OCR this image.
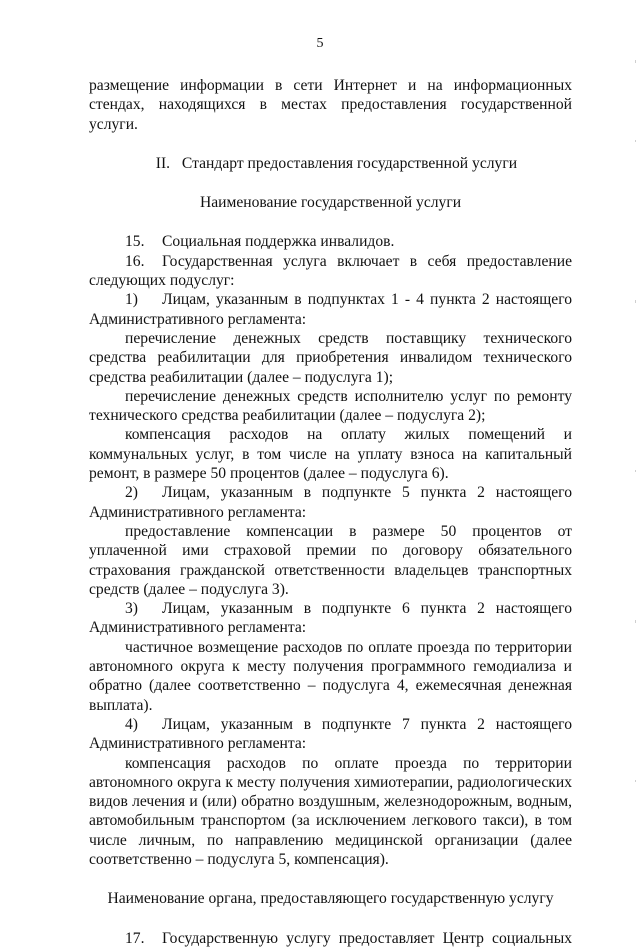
5

размещение информации в сети Интернет и на информационных стендах, находящихся в местах предоставления государственной услуги.

II. Стандарт предоставления государственной услуги

Наименование государственной услуги

15. Социальная поддержка инвалидов.

16. Государственная услуга включает в себя предоставление следующих подуслуг:

1) Лицам, указанным в подпунктах 1 - 4 пункта 2 настоящего Административного регламента:

перечисление денежных средств поставщику технического средства реабилитации для приобретения инвалидом технического средства реабилитации (далее – подуслуга 1);

перечисление денежных средств исполнителю услуг по ремонту технического средства реабилитации (далее – подуслуга 2);

компенсация расходов на оплату жилых помещений и коммунальных услуг, в том числе на уплату взноса на капитальный ремонт, в размере 50 процентов (далее – подуслуга 6).

2) Лицам, указанным в подпункте 5 пункта 2 настоящего Административного регламента:

предоставление компенсации в размере 50 процентов от уплаченной ими страховой премии по договору обязательного страхования гражданской ответственности владельцев транспортных средств (далее – подуслуга 3).

3) Лицам, указанным в подпункте 6 пункта 2 настоящего Административного регламента:

частичное возмещение расходов по оплате проезда по территории автономного округа к месту получения программного гемодиализа и обратно (далее соответственно – подуслуга 4, ежемесячная денежная выплата).

4) Лицам, указанным в подпункте 7 пункта 2 настоящего Административного регламента:

компенсация расходов по оплате проезда по территории автономного округа к месту получения химиотерапии, радиологических видов лечения и (или) обратно воздушным, железнодорожным, водным, автомобильным транспортом (за исключением легкового такси), в том числе личным, по направлению медицинской организации (далее соответственно – подуслуга 5, компенсация).

Наименование органа, предоставляющего государственную услугу

17. Государственную услугу предоставляет Центр социальных
